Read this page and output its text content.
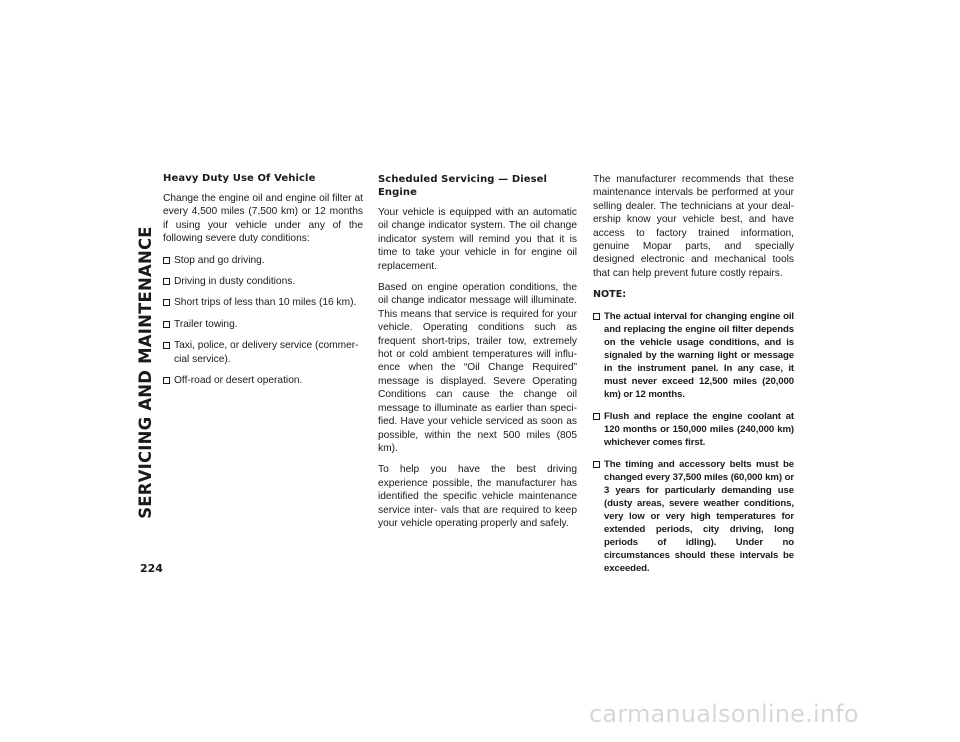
SERVICING AND MAINTENANCE
Heavy Duty Use Of Vehicle

Change the engine oil and engine oil filter at every 4,500 miles (7,500 km) or 12 months if using your vehicle under any of the following severe duty conditions:

Stop and go driving.
Driving in dusty conditions.
Short trips of less than 10 miles (16 km).
Trailer towing.
Taxi, police, or delivery service (commer- cial service).
Off-road or desert operation.
Scheduled Servicing — Diesel Engine

Your vehicle is equipped with an automatic oil change indicator system. The oil change indicator system will remind you that it is time to take your vehicle in for engine oil replacement.

Based on engine operation conditions, the oil change indicator message will illuminate. This means that service is required for your vehicle. Operating conditions such as frequent short-trips, trailer tow, extremely hot or cold ambient temperatures will influ- ence when the “Oil Change Required” message is displayed. Severe Operating Conditions can cause the change oil message to illuminate as earlier than speci- fied. Have your vehicle serviced as soon as possible, within the next 500 miles (805 km).

To help you have the best driving experience possible, the manufacturer has identified the specific vehicle maintenance service inter- vals that are required to keep your vehicle operating properly and safely.

The manufacturer recommends that these maintenance intervals be performed at your selling dealer. The technicians at your deal- ership know your vehicle best, and have access to factory trained information, genuine Mopar parts, and specially designed electronic and mechanical tools that can help prevent future costly repairs.

NOTE:
The actual interval for changing engine oil and replacing the engine oil filter depends on the vehicle usage conditions, and is signaled by the warning light or message in the instrument panel. In any case, it must never exceed 12,500 miles (20,000 km) or 12 months.
Flush and replace the engine coolant at 120 months or 150,000 miles (240,000 km) whichever comes first.
The timing and accessory belts must be changed every 37,500 miles (60,000 km) or 3 years for particularly demanding use (dusty areas, severe weather conditions, very low or very high temperatures for extended periods, city driving, long periods of idling). Under no circumstances should these intervals be exceeded.
224
carmanualsonline.info
